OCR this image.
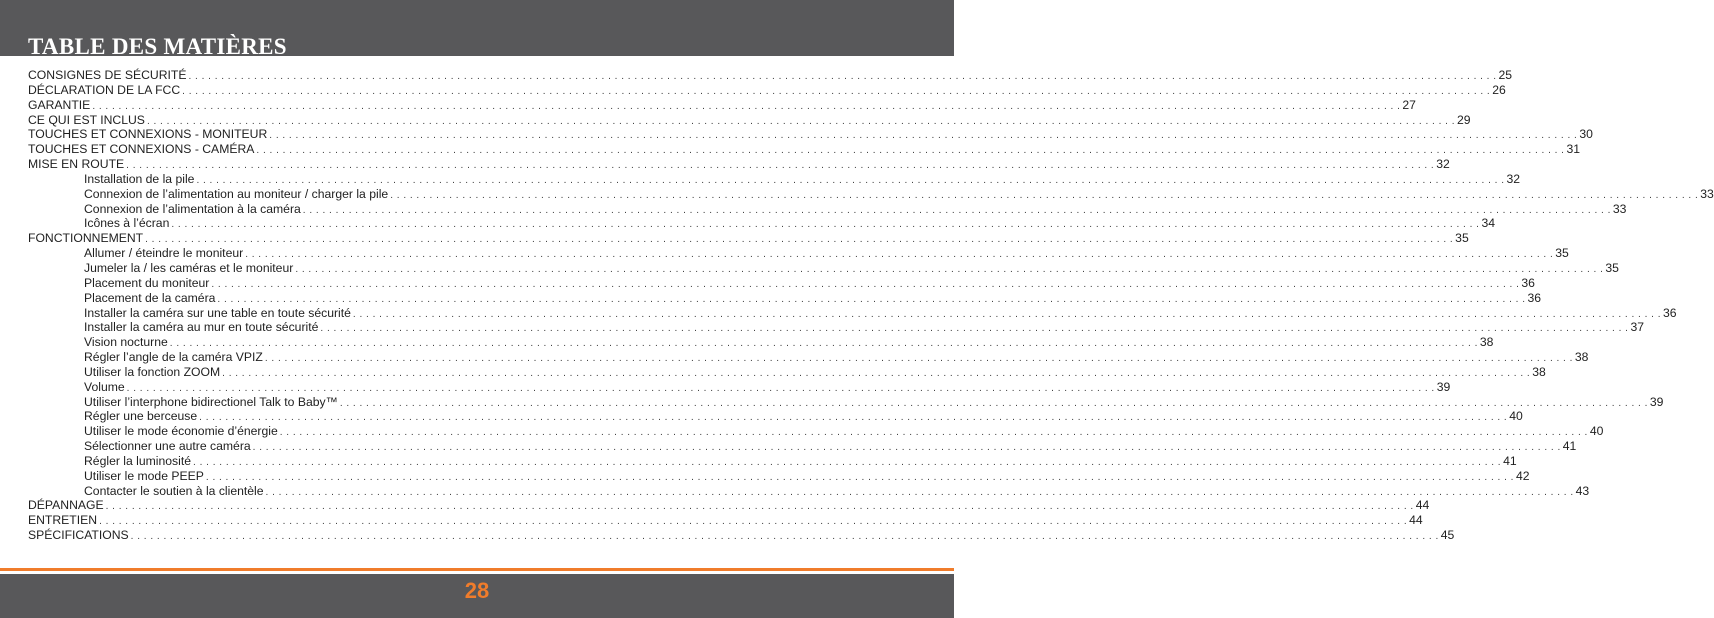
TABLE DES MATIÈRES
CONSIGNES DE SÉCURITÉ . . . . . . . . . . . . . . . . . . . . . . . . . . . . . . . . . . . . . . . . . . . . . . . . . . . . . . . . . . . . . . . . . . . . . . . . . . . . . . . . . . . . . . . . . . . . . . . . . . . . . . . . . . . . . . . . . . . . . . . . . . . . . . . . . . . . . . . . . . . . . . . . . . . . . . . . . . . . . . . . . . . . . . . . . . . . . . . . . . . . . . . . . . . . . . . . . . . . . . . . 25
DÉCLARATION DE LA FCC . . . . . . . . . . . . . . . . . . . . . . . . . . . . . . . . . . . . . . . . . . . . . . . . . . . . . . . . . . . . . . . . . . . . . . . . . . . . . . . . . . . . . . . . . . . . . . . . . . . . . . . . . . . . . . . . . . . . . . . . . . . . . . . . . . . . . . . . . . . . . . . . . . . . . . . . . . . . . . . . . . . . . . . . . . . . . . . . . . . . . . . . . . . . . . . . . . . . . . . . 26
GARANTIE . . . . . . . . . . . . . . . . . . . . . . . . . . . . . . . . . . . . . . . . . . . . . . . . . . . . . . . . . . . . . . . . . . . . . . . . . . . . . . . . . . . . . . . . . . . . . . . . . . . . . . . . . . . . . . . . . . . . . . . . . . . . . . . . . . . . . . . . . . . . . . . . . . . . . . . . . . . . . . . . . . . . . . . . . . . . . . . . . . . . . . . . . . . . . . . . . . . . . . . . 27
CE QUI EST INCLUS . . . . . . . . . . . . . . . . . . . . . . . . . . . . . . . . . . . . . . . . . . . . . . . . . . . . . . . . . . . . . . . . . . . . . . . . . . . . . . . . . . . . . . . . . . . . . . . . . . . . . . . . . . . . . . . . . . . . . . . . . . . . . . . . . . . . . . . . . . . . . . . . . . . . . . . . . . . . . . . . . . . . . . . . . . . . . . . . . . . . . . . . . . . . . . . . . . . . . . . . 29
TOUCHES ET CONNEXIONS - MONITEUR . . . . . . . . . . . . . . . . . . . . . . . . . . . . . . . . . . . . . . . . . . . . . . . . . . . . . . . . . . . . . . . . . . . . . . . . . . . . . . . . . . . . . . . . . . . . . . . . . . . . . . . . . . . . . . . . . . . . . . . . . . . . . . . . . . . . . . . . . . . . . . . . . . . . . . . . . . . . . . . . . . . . . . . . . . . . . . . . . . . . . . . . . . . . . . . . . . . . . . . . 30
TOUCHES ET CONNEXIONS - CAMÉRA . . . . . . . . . . . . . . . . . . . . . . . . . . . . . . . . . . . . . . . . . . . . . . . . . . . . . . . . . . . . . . . . . . . . . . . . . . . . . . . . . . . . . . . . . . . . . . . . . . . . . . . . . . . . . . . . . . . . . . . . . . . . . . . . . . . . . . . . . . . . . . . . . . . . . . . . . . . . . . . . . . . . . . . . . . . . . . . . . . . . . . . . . . . . . . . . . . . . . . . . 31
MISE EN ROUTE . . . . . . . . . . . . . . . . . . . . . . . . . . . . . . . . . . . . . . . . . . . . . . . . . . . . . . . . . . . . . . . . . . . . . . . . . . . . . . . . . . . . . . . . . . . . . . . . . . . . . . . . . . . . . . . . . . . . . . . . . . . . . . . . . . . . . . . . . . . . . . . . . . . . . . . . . . . . . . . . . . . . . . . . . . . . . . . . . . . . . . . . . . . . . . . . . . . . . . . . 32
Installation de la pile . . . . . . . . . . . . . . . . . . . . . . . . . . . . . . . . . . . . . . . . . . . . . . . . . . . . . . . . . . . . . . . . . . . . . . . . . . . . . . . . . . . . . . . . . . . . . . . . . . . . . . . . . . . . . . . . . . . . . . . . . . . . . . . . . . . . . . . . . . . . . . . . . . . . . . . . . . . . . . . . . . . . . . . . . . . . . . . . . . . . . . . . . . . . . . . . . . . . . . . . 32
Connexion de l’alimentation au moniteur / charger la pile . . . . . . . . . . . . . . . . . . . . . . . . . . . . . . . . . . . . . . . . . . . . . . . . . . . . . . . . . . . . . . . . . . . . . . . . . . . . . . . . . . . . . . . . . . . . . . . . . . . . . . . . . . . . . . . . . . . . . . . . . . . . . . . . . . . . . . . . . . . . . . . . . . . . . . . . . . . . . . . . . . . . . . . . . . . . . . . . . . . . . . . . . . . . . . . . . . . . . . . . 33
Connexion de l’alimentation à la caméra . . . . . . . . . . . . . . . . . . . . . . . . . . . . . . . . . . . . . . . . . . . . . . . . . . . . . . . . . . . . . . . . . . . . . . . . . . . . . . . . . . . . . . . . . . . . . . . . . . . . . . . . . . . . . . . . . . . . . . . . . . . . . . . . . . . . . . . . . . . . . . . . . . . . . . . . . . . . . . . . . . . . . . . . . . . . . . . . . . . . . . . . . . . . . . . . . . . . . . . . 33
Icônes à l’écran . . . . . . . . . . . . . . . . . . . . . . . . . . . . . . . . . . . . . . . . . . . . . . . . . . . . . . . . . . . . . . . . . . . . . . . . . . . . . . . . . . . . . . . . . . . . . . . . . . . . . . . . . . . . . . . . . . . . . . . . . . . . . . . . . . . . . . . . . . . . . . . . . . . . . . . . . . . . . . . . . . . . . . . . . . . . . . . . . . . . . . . . . . . . . . . . . . . . . . . . 34
FONCTIONNEMENT . . . . . . . . . . . . . . . . . . . . . . . . . . . . . . . . . . . . . . . . . . . . . . . . . . . . . . . . . . . . . . . . . . . . . . . . . . . . . . . . . . . . . . . . . . . . . . . . . . . . . . . . . . . . . . . . . . . . . . . . . . . . . . . . . . . . . . . . . . . . . . . . . . . . . . . . . . . . . . . . . . . . . . . . . . . . . . . . . . . . . . . . . . . . . . . . . . . . . . . . 35
Allumer / éteindre le moniteur . . . . . . . . . . . . . . . . . . . . . . . . . . . . . . . . . . . . . . . . . . . . . . . . . . . . . . . . . . . . . . . . . . . . . . . . . . . . . . . . . . . . . . . . . . . . . . . . . . . . . . . . . . . . . . . . . . . . . . . . . . . . . . . . . . . . . . . . . . . . . . . . . . . . . . . . . . . . . . . . . . . . . . . . . . . . . . . . . . . . . . . . . . . . . . . . . . . . . . . . 35
Jumeler la / les caméras et le moniteur . . . . . . . . . . . . . . . . . . . . . . . . . . . . . . . . . . . . . . . . . . . . . . . . . . . . . . . . . . . . . . . . . . . . . . . . . . . . . . . . . . . . . . . . . . . . . . . . . . . . . . . . . . . . . . . . . . . . . . . . . . . . . . . . . . . . . . . . . . . . . . . . . . . . . . . . . . . . . . . . . . . . . . . . . . . . . . . . . . . . . . . . . . . . . . . . . . . . . . . . 35
Placement du moniteur . . . . . . . . . . . . . . . . . . . . . . . . . . . . . . . . . . . . . . . . . . . . . . . . . . . . . . . . . . . . . . . . . . . . . . . . . . . . . . . . . . . . . . . . . . . . . . . . . . . . . . . . . . . . . . . . . . . . . . . . . . . . . . . . . . . . . . . . . . . . . . . . . . . . . . . . . . . . . . . . . . . . . . . . . . . . . . . . . . . . . . . . . . . . . . . . . . . . . . . . 36
Placement de la caméra . . . . . . . . . . . . . . . . . . . . . . . . . . . . . . . . . . . . . . . . . . . . . . . . . . . . . . . . . . . . . . . . . . . . . . . . . . . . . . . . . . . . . . . . . . . . . . . . . . . . . . . . . . . . . . . . . . . . . . . . . . . . . . . . . . . . . . . . . . . . . . . . . . . . . . . . . . . . . . . . . . . . . . . . . . . . . . . . . . . . . . . . . . . . . . . . . . . . . . . . 36
Installer la caméra sur une table en toute sécurité . . . . . . . . . . . . . . . . . . . . . . . . . . . . . . . . . . . . . . . . . . . . . . . . . . . . . . . . . . . . . . . . . . . . . . . . . . . . . . . . . . . . . . . . . . . . . . . . . . . . . . . . . . . . . . . . . . . . . . . . . . . . . . . . . . . . . . . . . . . . . . . . . . . . . . . . . . . . . . . . . . . . . . . . . . . . . . . . . . . . . . . . . . . . . . . . . . . . . . . . 36
Installer la caméra au mur en toute sécurité . . . . . . . . . . . . . . . . . . . . . . . . . . . . . . . . . . . . . . . . . . . . . . . . . . . . . . . . . . . . . . . . . . . . . . . . . . . . . . . . . . . . . . . . . . . . . . . . . . . . . . . . . . . . . . . . . . . . . . . . . . . . . . . . . . . . . . . . . . . . . . . . . . . . . . . . . . . . . . . . . . . . . . . . . . . . . . . . . . . . . . . . . . . . . . . . . . . . . . . . 37
Vision nocturne . . . . . . . . . . . . . . . . . . . . . . . . . . . . . . . . . . . . . . . . . . . . . . . . . . . . . . . . . . . . . . . . . . . . . . . . . . . . . . . . . . . . . . . . . . . . . . . . . . . . . . . . . . . . . . . . . . . . . . . . . . . . . . . . . . . . . . . . . . . . . . . . . . . . . . . . . . . . . . . . . . . . . . . . . . . . . . . . . . . . . . . . . . . . . . . . . . . . . . . . 38
Régler l’angle de la caméra VPIZ . . . . . . . . . . . . . . . . . . . . . . . . . . . . . . . . . . . . . . . . . . . . . . . . . . . . . . . . . . . . . . . . . . . . . . . . . . . . . . . . . . . . . . . . . . . . . . . . . . . . . . . . . . . . . . . . . . . . . . . . . . . . . . . . . . . . . . . . . . . . . . . . . . . . . . . . . . . . . . . . . . . . . . . . . . . . . . . . . . . . . . . . . . . . . . . . . . . . . . . . 38
Utiliser la fonction ZOOM . . . . . . . . . . . . . . . . . . . . . . . . . . . . . . . . . . . . . . . . . . . . . . . . . . . . . . . . . . . . . . . . . . . . . . . . . . . . . . . . . . . . . . . . . . . . . . . . . . . . . . . . . . . . . . . . . . . . . . . . . . . . . . . . . . . . . . . . . . . . . . . . . . . . . . . . . . . . . . . . . . . . . . . . . . . . . . . . . . . . . . . . . . . . . . . . . . . . . . . . 38
Volume . . . . . . . . . . . . . . . . . . . . . . . . . . . . . . . . . . . . . . . . . . . . . . . . . . . . . . . . . . . . . . . . . . . . . . . . . . . . . . . . . . . . . . . . . . . . . . . . . . . . . . . . . . . . . . . . . . . . . . . . . . . . . . . . . . . . . . . . . . . . . . . . . . . . . . . . . . . . . . . . . . . . . . . . . . . . . . . . . . . . . . . . . . . . . . . . . . . . . . . . 39
Utiliser l’interphone bidirectionel Talk to Baby™ . . . . . . . . . . . . . . . . . . . . . . . . . . . . . . . . . . . . . . . . . . . . . . . . . . . . . . . . . . . . . . . . . . . . . . . . . . . . . . . . . . . . . . . . . . . . . . . . . . . . . . . . . . . . . . . . . . . . . . . . . . . . . . . . . . . . . . . . . . . . . . . . . . . . . . . . . . . . . . . . . . . . . . . . . . . . . . . . . . . . . . . . . . . . . . . . . . . . . . . . 39
Régler une berceuse . . . . . . . . . . . . . . . . . . . . . . . . . . . . . . . . . . . . . . . . . . . . . . . . . . . . . . . . . . . . . . . . . . . . . . . . . . . . . . . . . . . . . . . . . . . . . . . . . . . . . . . . . . . . . . . . . . . . . . . . . . . . . . . . . . . . . . . . . . . . . . . . . . . . . . . . . . . . . . . . . . . . . . . . . . . . . . . . . . . . . . . . . . . . . . . . . . . . . . . . 40
Utiliser le mode économie d’énergie . . . . . . . . . . . . . . . . . . . . . . . . . . . . . . . . . . . . . . . . . . . . . . . . . . . . . . . . . . . . . . . . . . . . . . . . . . . . . . . . . . . . . . . . . . . . . . . . . . . . . . . . . . . . . . . . . . . . . . . . . . . . . . . . . . . . . . . . . . . . . . . . . . . . . . . . . . . . . . . . . . . . . . . . . . . . . . . . . . . . . . . . . . . . . . . . . . . . . . . . 40
Sélectionner une autre caméra . . . . . . . . . . . . . . . . . . . . . . . . . . . . . . . . . . . . . . . . . . . . . . . . . . . . . . . . . . . . . . . . . . . . . . . . . . . . . . . . . . . . . . . . . . . . . . . . . . . . . . . . . . . . . . . . . . . . . . . . . . . . . . . . . . . . . . . . . . . . . . . . . . . . . . . . . . . . . . . . . . . . . . . . . . . . . . . . . . . . . . . . . . . . . . . . . . . . . . . . 41
Régler la luminosité . . . . . . . . . . . . . . . . . . . . . . . . . . . . . . . . . . . . . . . . . . . . . . . . . . . . . . . . . . . . . . . . . . . . . . . . . . . . . . . . . . . . . . . . . . . . . . . . . . . . . . . . . . . . . . . . . . . . . . . . . . . . . . . . . . . . . . . . . . . . . . . . . . . . . . . . . . . . . . . . . . . . . . . . . . . . . . . . . . . . . . . . . . . . . . . . . . . . . . . . 41
Utiliser le mode PEEP . . . . . . . . . . . . . . . . . . . . . . . . . . . . . . . . . . . . . . . . . . . . . . . . . . . . . . . . . . . . . . . . . . . . . . . . . . . . . . . . . . . . . . . . . . . . . . . . . . . . . . . . . . . . . . . . . . . . . . . . . . . . . . . . . . . . . . . . . . . . . . . . . . . . . . . . . . . . . . . . . . . . . . . . . . . . . . . . . . . . . . . . . . . . . . . . . . . . . . . . 42
Contacter le soutien à la clientèle . . . . . . . . . . . . . . . . . . . . . . . . . . . . . . . . . . . . . . . . . . . . . . . . . . . . . . . . . . . . . . . . . . . . . . . . . . . . . . . . . . . . . . . . . . . . . . . . . . . . . . . . . . . . . . . . . . . . . . . . . . . . . . . . . . . . . . . . . . . . . . . . . . . . . . . . . . . . . . . . . . . . . . . . . . . . . . . . . . . . . . . . . . . . . . . . . . . . . . . . 43
DÉPANNAGE . . . . . . . . . . . . . . . . . . . . . . . . . . . . . . . . . . . . . . . . . . . . . . . . . . . . . . . . . . . . . . . . . . . . . . . . . . . . . . . . . . . . . . . . . . . . . . . . . . . . . . . . . . . . . . . . . . . . . . . . . . . . . . . . . . . . . . . . . . . . . . . . . . . . . . . . . . . . . . . . . . . . . . . . . . . . . . . . . . . . . . . . . . . . . . . . . . . . . . . . 44
ENTRETIEN . . . . . . . . . . . . . . . . . . . . . . . . . . . . . . . . . . . . . . . . . . . . . . . . . . . . . . . . . . . . . . . . . . . . . . . . . . . . . . . . . . . . . . . . . . . . . . . . . . . . . . . . . . . . . . . . . . . . . . . . . . . . . . . . . . . . . . . . . . . . . . . . . . . . . . . . . . . . . . . . . . . . . . . . . . . . . . . . . . . . . . . . . . . . . . . . . . . . . . . . 44
SPÉCIFICATIONS . . . . . . . . . . . . . . . . . . . . . . . . . . . . . . . . . . . . . . . . . . . . . . . . . . . . . . . . . . . . . . . . . . . . . . . . . . . . . . . . . . . . . . . . . . . . . . . . . . . . . . . . . . . . . . . . . . . . . . . . . . . . . . . . . . . . . . . . . . . . . . . . . . . . . . . . . . . . . . . . . . . . . . . . . . . . . . . . . . . . . . . . . . . . . . . . . . . . . . . . 45
28
